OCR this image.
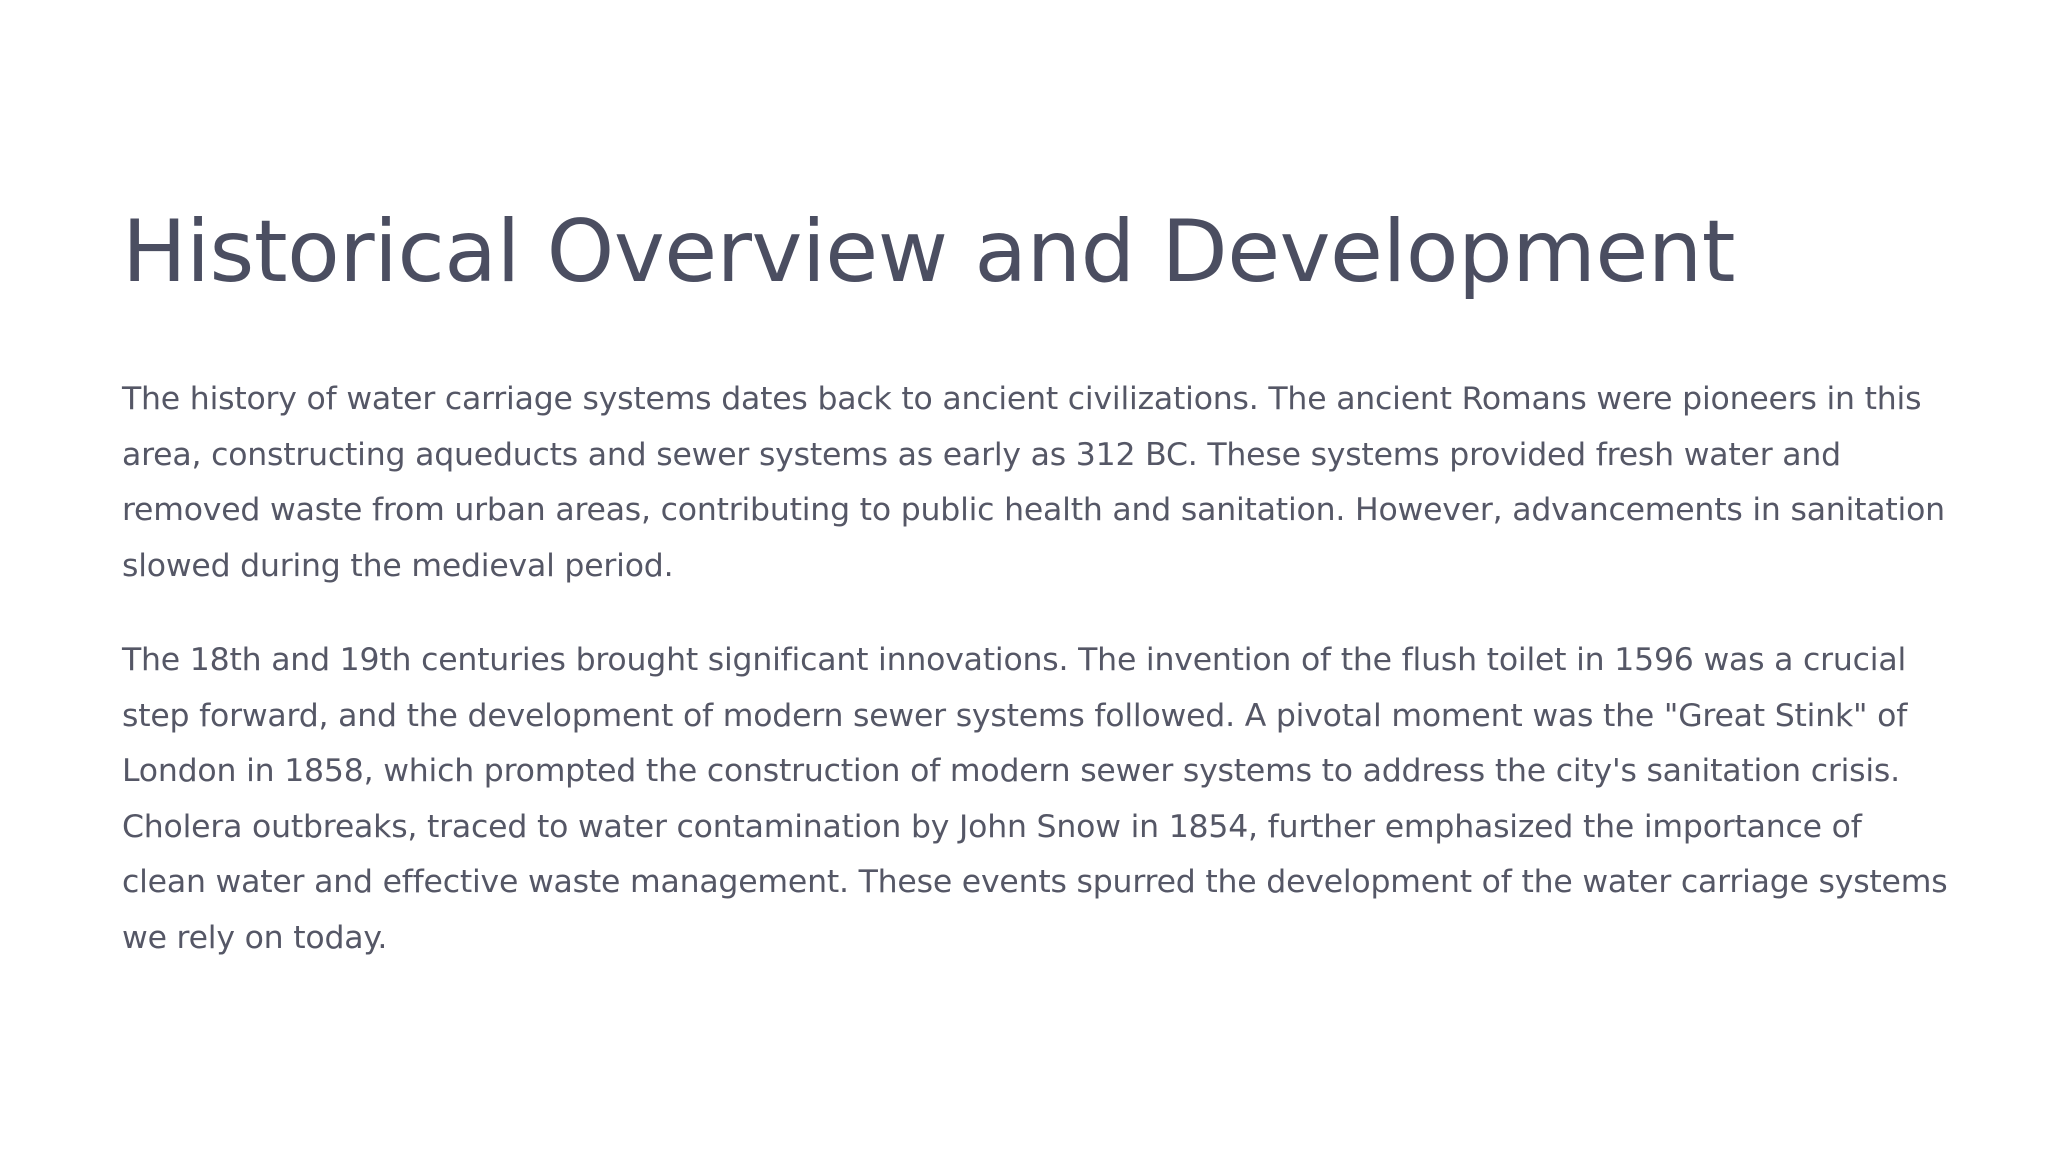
Historical Overview and Development

The history of water carriage systems dates back to ancient civilizations. The ancient Romans were pioneers in this area, constructing aqueducts and sewer systems as early as 312 BC. These systems provided fresh water and removed waste from urban areas, contributing to public health and sanitation. However, advancements in sanitation slowed during the medieval period.

The 18th and 19th centuries brought significant innovations. The invention of the flush toilet in 1596 was a crucial step forward, and the development of modern sewer systems followed. A pivotal moment was the "Great Stink" of London in 1858, which prompted the construction of modern sewer systems to address the city's sanitation crisis. Cholera outbreaks, traced to water contamination by John Snow in 1854, further emphasized the importance of clean water and effective waste management. These events spurred the development of the water carriage systems we rely on today.
